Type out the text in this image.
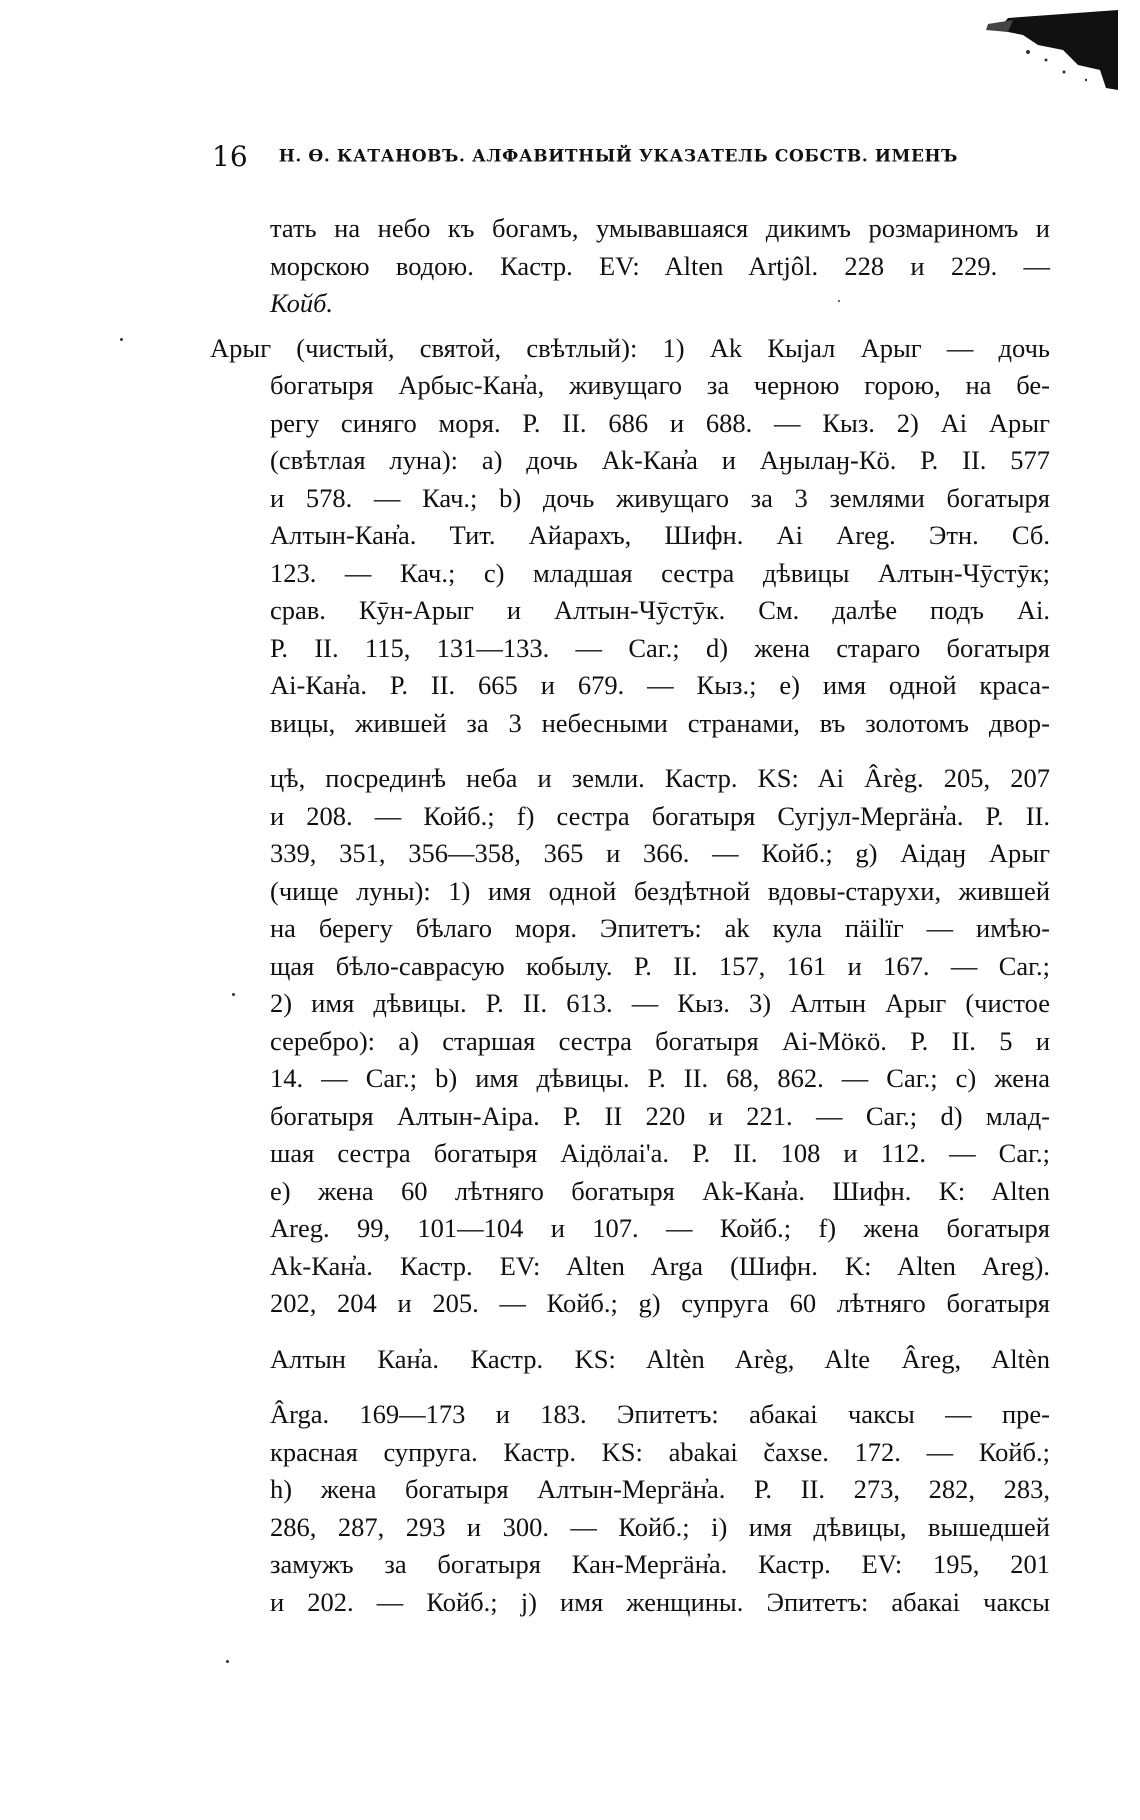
16 Н. Ѳ. КАТАНОВЪ. АЛФАВИТНЫЙ УКАЗАТЕЛЬ СОБСТВ. ИМЕНЪ
тать на небо къ богамъ, умывавшаяся дикимъ розмариномъ и
морскою водою. Кастр. EV: Alten Artjôl. 228 и 229. —
Койб.
Арыг (чистый, святой, свѣтлый): 1) Ak Кыјал Арыг — дочь
богатыря Арбыс-Кан̓а, живущаго за черною горою, на бе-
регу синяго моря. Р. II. 686 и 688. — Кыз. 2) Аі Арыг
(свѣтлая луна): а) дочь Ak-Кан̓а и Аӈылаӈ-Кӧ. Р. II. 577
и 578. — Кач.; b) дочь живущаго за 3 землями богатыря
Алтын-Кан̓а. Тит. Айарахъ, Шифн. Аі Areg. Этн. Сб.
123. — Кач.; с) младшая сестра дѣвицы Алтын-Чӯстӯк;
срав. Кӯн-Арыг и Алтын-Чӯстӯк. См. далѣе подъ Аі.
Р. II. 115, 131—133. — Саг.; d) жена стараго богатыря
Аі-Кан̓а. Р. II. 665 и 679. — Кыз.; е) имя одной краса-
вицы, жившей за 3 небесными странами, въ золотомъ двор-
цѣ, посрединѣ неба и земли. Кастр. KS: Ai Ârèg. 205, 207
и 208. — Койб.; f) сестра богатыря Сугјул-Мергӓн̓а. Р. II.
339, 351, 356—358, 365 и 366. — Койб.; g) Аідаӈ Арыг
(чище луны): 1) имя одной бездѣтной вдовы-старухи, жившей
на берегу бѣлаго моря. Эпитетъ: ak кула пäіlïг — имѣю-
щая бѣло-саврасую кобылу. Р. II. 157, 161 и 167. — Саг.;
2) имя дѣвицы. Р. II. 613. — Кыз. 3) Алтын Арыг (чистое
серебро): а) старшая сестра богатыря Аі-Мӧкӧ. Р. II. 5 и
14. — Саг.; b) имя дѣвицы. Р. II. 68, 862. — Саг.; с) жена
богатыря Алтын-Аіра. Р. II 220 и 221. — Саг.; d) млад-
шая сестра богатыря Аідӧлаі'а. Р. II. 108 и 112. — Саг.;
е) жена 60 лѣтняго богатыря Ak-Кан̓а. Шифн. K: Alten
Areg. 99, 101—104 и 107. — Койб.; f) жена богатыря
Ak-Кан̓а. Кастр. EV: Alten Arga (Шифн. K: Alten Areg).
202, 204 и 205. — Койб.; g) супруга 60 лѣтняго богатыря
Алтын Кан̓а. Кастр. KS: Altèn Arèg, Alte Âreg, Altèn
Ârga. 169—173 и 183. Эпитетъ: абакаі чаксы — пре-
красная супруга. Кастр. KS: abakai čaxse. 172. — Койб.;
h) жена богатыря Алтын-Мергӓн̓а. Р. II. 273, 282, 283,
286, 287, 293 и 300. — Койб.; i) имя дѣвицы, вышедшей
замужъ за богатыря Кан-Мергӓн̓а. Кастр. EV: 195, 201
и 202. — Койб.; j) имя женщины. Эпитетъ: абакаі чаксы
